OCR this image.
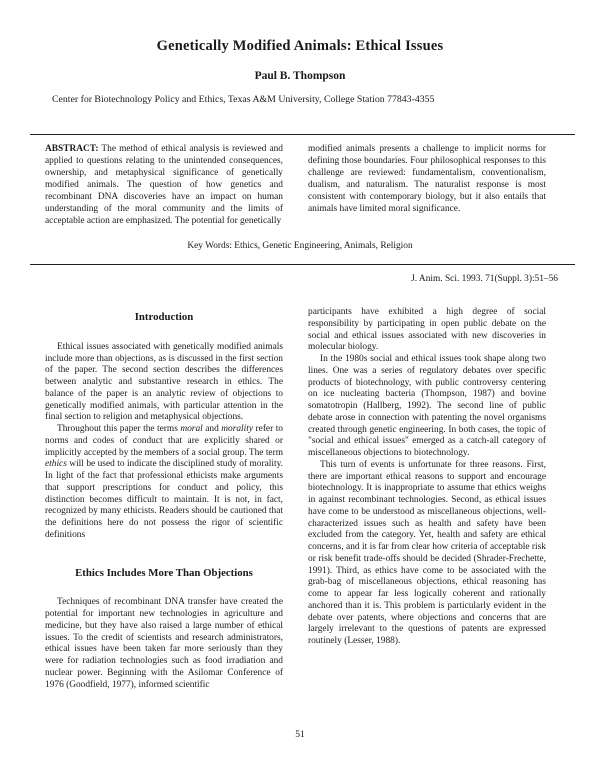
Genetically Modified Animals: Ethical Issues
Paul B. Thompson
Center for Biotechnology Policy and Ethics, Texas A&M University, College Station 77843-4355

ABSTRACT: The method of ethical analysis is reviewed and applied to questions relating to the unintended consequences, ownership, and metaphysical significance of genetically modified animals. The question of how genetics and recombinant DNA discoveries have an impact on human understanding of the moral community and the limits of acceptable action are emphasized. The potential for genetically

modified animals presents a challenge to implicit norms for defining those boundaries. Four philosophical responses to this challenge are reviewed: fundamentalism, conventionalism, dualism, and naturalism. The naturalist response is most consistent with contemporary biology, but it also entails that animals have limited moral significance.

Key Words: Ethics, Genetic Engineering, Animals, Religion
J. Anim. Sci. 1993. 71(Suppl. 3):51–56
Introduction

Ethical issues associated with genetically modified animals include more than objections, as is discussed in the first section of the paper. The second section describes the differences between analytic and substantive research in ethics. The balance of the paper is an analytic review of objections to genetically modified animals, with particular attention in the final section to religion and metaphysical objections.

Throughout this paper the terms moral and morality refer to norms and codes of conduct that are explicitly shared or implicitly accepted by the members of a social group. The term ethics will be used to indicate the disciplined study of morality. In light of the fact that professional ethicists make arguments that support prescriptions for conduct and policy, this distinction becomes difficult to maintain. It is not, in fact, recognized by many ethicists. Readers should be cautioned that the definitions here do not possess the rigor of scientific definitions

Ethics Includes More Than Objections

Techniques of recombinant DNA transfer have created the potential for important new technologies in agriculture and medicine, but they have also raised a large number of ethical issues. To the credit of scientists and research administrators, ethical issues have been taken far more seriously than they were for radiation technologies such as food irradiation and nuclear power. Beginning with the Asilomar Conference of 1976 (Goodfield, 1977), informed scientific

participants have exhibited a high degree of social responsibility by participating in open public debate on the social and ethical issues associated with new discoveries in molecular biology.

In the 1980s social and ethical issues took shape along two lines. One was a series of regulatory debates over specific products of biotechnology, with public controversy centering on ice nucleating bacteria (Thompson, 1987) and bovine somatotropin (Hallberg, 1992). The second line of public debate arose in connection with patenting the novel organisms created through genetic engineering. In both cases, the topic of "social and ethical issues" emerged as a catch-all category of miscellaneous objections to biotechnology.

This turn of events is unfortunate for three reasons. First, there are important ethical reasons to support and encourage biotechnology. It is inappropriate to assume that ethics weighs in against recombinant technologies. Second, as ethical issues have come to be understood as miscellaneous objections, well-characterized issues such as health and safety have been excluded from the category. Yet, health and safety are ethical concerns, and it is far from clear how criteria of acceptable risk or risk benefit trade-offs should be decided (Shrader-Frechette, 1991). Third, as ethics have come to be associated with the grab-bag of miscellaneous objections, ethical reasoning has come to appear far less logically coherent and rationally anchored than it is. This problem is particularly evident in the debate over patents, where objections and concerns that are largely irrelevant to the questions of patents are expressed routinely (Lesser, 1988).

51
